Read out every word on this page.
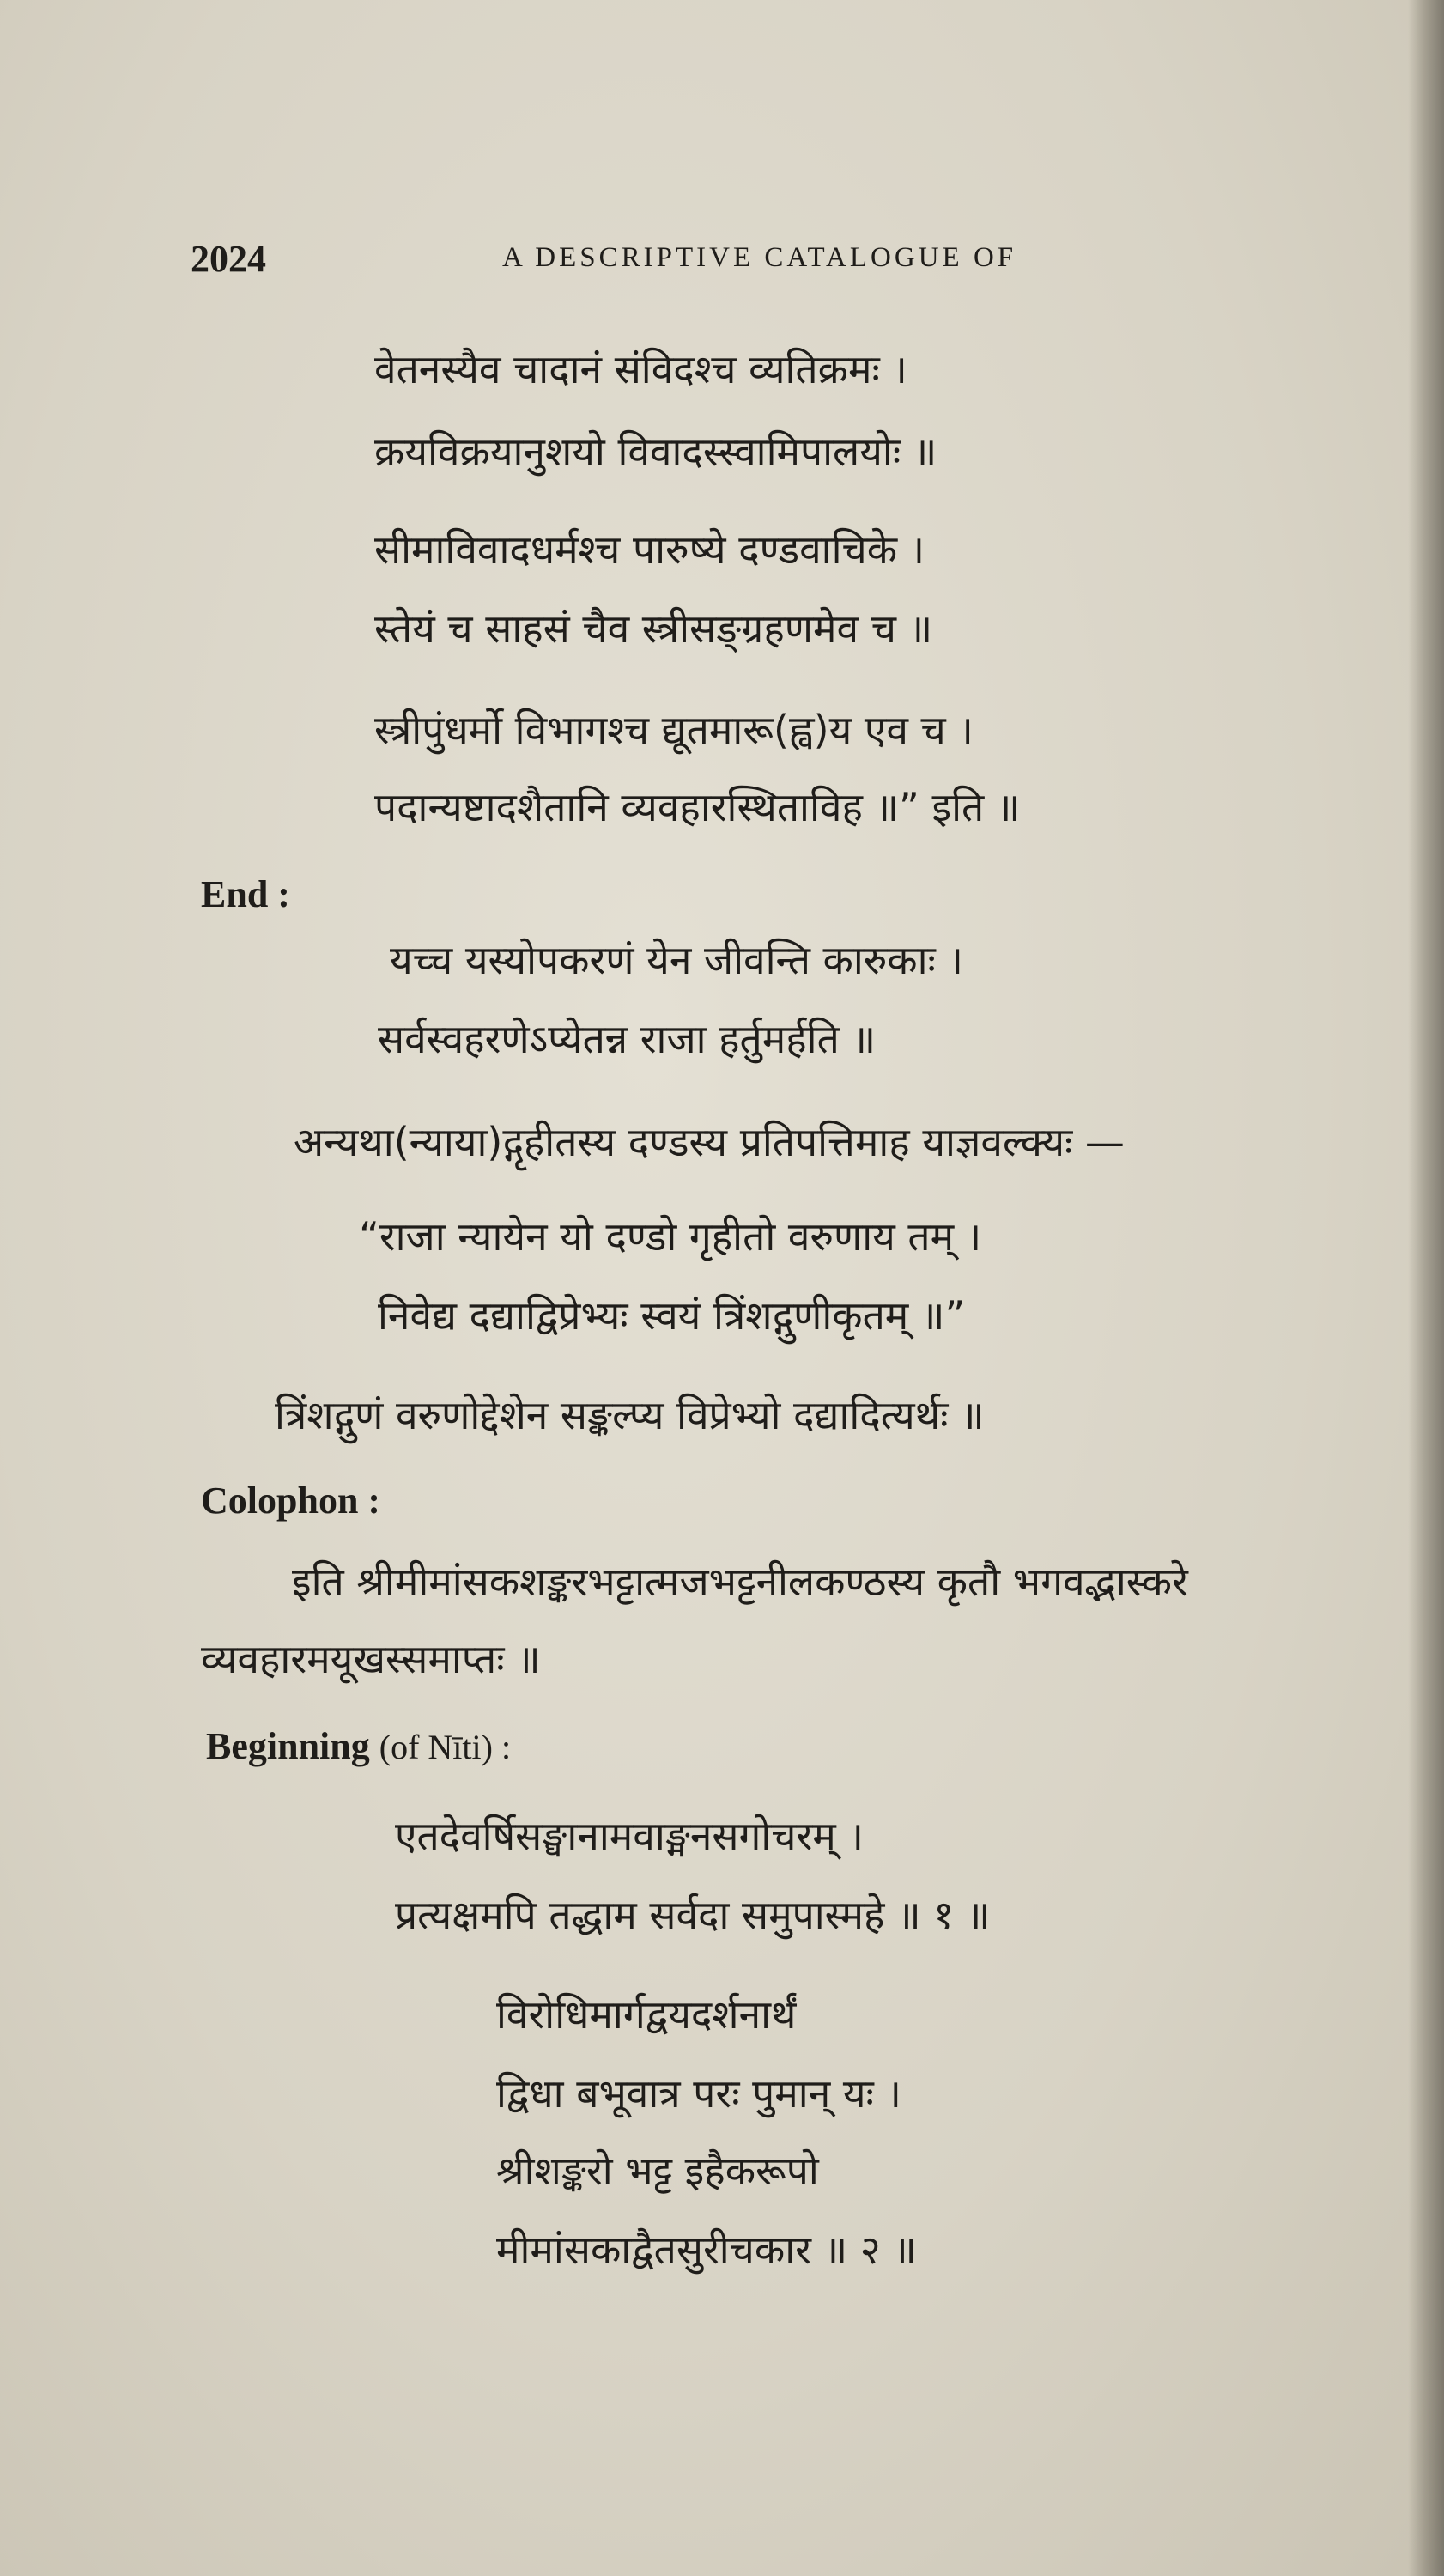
2024	A DESCRIPTIVE CATALOGUE OF
वेतनस्यैव चादानं संविदश्च व्यतिक्रमः ।
क्रयविक्रयानुशयो विवादस्स्वामिपालयोः ॥
सीमाविवादधर्मश्च पारुष्ये दण्डवाचिके ।
स्तेयं च साहसं चैव स्त्रीसङ्ग्रहणमेव च ॥
स्त्रीपुंधर्मो विभागश्च द्यूतमारू(ह्व)य एव च ।
पदान्यष्टादशैतानि व्यवहारस्थिताविह ॥” इति ॥
End :
यच्च यस्योपकरणं येन जीवन्ति कारुकाः ।
सर्वस्वहरणेऽप्येतन्न राजा हर्तुमर्हति ॥
अन्यथा(न्याया)द्गृहीतस्य दण्डस्य प्रतिपत्तिमाह याज्ञवल्क्यः —
“राजा न्यायेन यो दण्डो गृहीतो वरुणाय तम् ।
निवेद्य दद्याद्विप्रेभ्यः स्वयं त्रिंशद्गुणीकृतम् ॥”
त्रिंशद्गुणं वरुणोद्देशेन सङ्कल्प्य विप्रेभ्यो दद्यादित्यर्थः ॥
Colophon :
इति श्रीमीमांसकशङ्करभट्टात्मजभट्टनीलकण्ठस्य कृतौ भगवद्भास्करे
व्यवहारमयूखस्समाप्तः ॥
Beginning (of Nīti) :
एतदेवर्षिसङ्घानामवाङ्मनसगोचरम् ।
प्रत्यक्षमपि तद्धाम सर्वदा समुपास्महे ॥ १ ॥
विरोधिमार्गद्वयदर्शनार्थं
द्विधा बभूवात्र परः पुमान् यः ।
श्रीशङ्करो भट्ट इहैकरूपो
मीमांसकाद्वैतसुरीचकार ॥ २ ॥
